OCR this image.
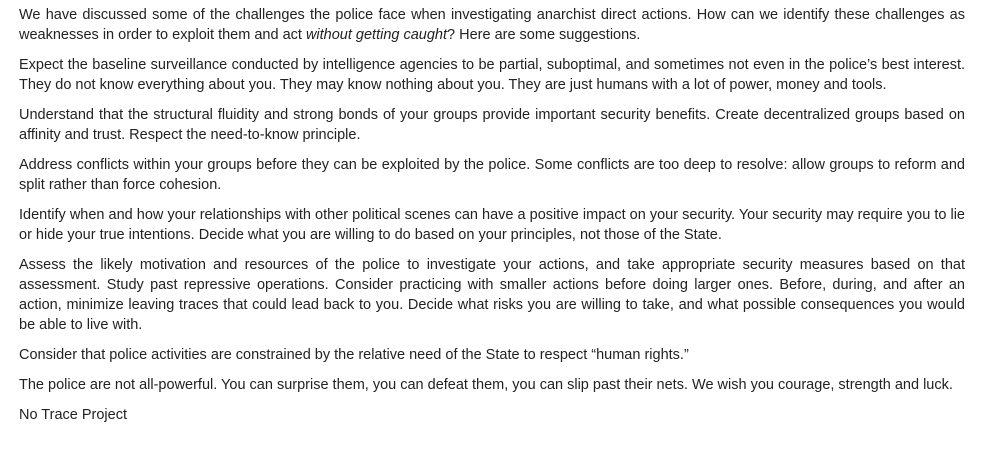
We have discussed some of the challenges the police face when investigating anarchist direct actions. How can we identify these challenges as weaknesses in order to exploit them and act without getting caught? Here are some suggestions.

Expect the baseline surveillance conducted by intelligence agencies to be partial, suboptimal, and sometimes not even in the police’s best interest. They do not know everything about you. They may know nothing about you. They are just humans with a lot of power, money and tools.

Understand that the structural fluidity and strong bonds of your groups provide important security benefits. Create decentralized groups based on affinity and trust. Respect the need-to-know principle.

Address conflicts within your groups before they can be exploited by the police. Some conflicts are too deep to resolve: allow groups to reform and split rather than force cohesion.

Identify when and how your relationships with other political scenes can have a positive impact on your security. Your security may require you to lie or hide your true intentions. Decide what you are willing to do based on your principles, not those of the State.

Assess the likely motivation and resources of the police to investigate your actions, and take appropriate security measures based on that assessment. Study past repressive operations. Consider practicing with smaller actions before doing larger ones. Before, during, and after an action, minimize leaving traces that could lead back to you. Decide what risks you are willing to take, and what possible consequences you would be able to live with.

Consider that police activities are constrained by the relative need of the State to respect “human rights.”

The police are not all-powerful. You can surprise them, you can defeat them, you can slip past their nets. We wish you courage, strength and luck.

No Trace Project
